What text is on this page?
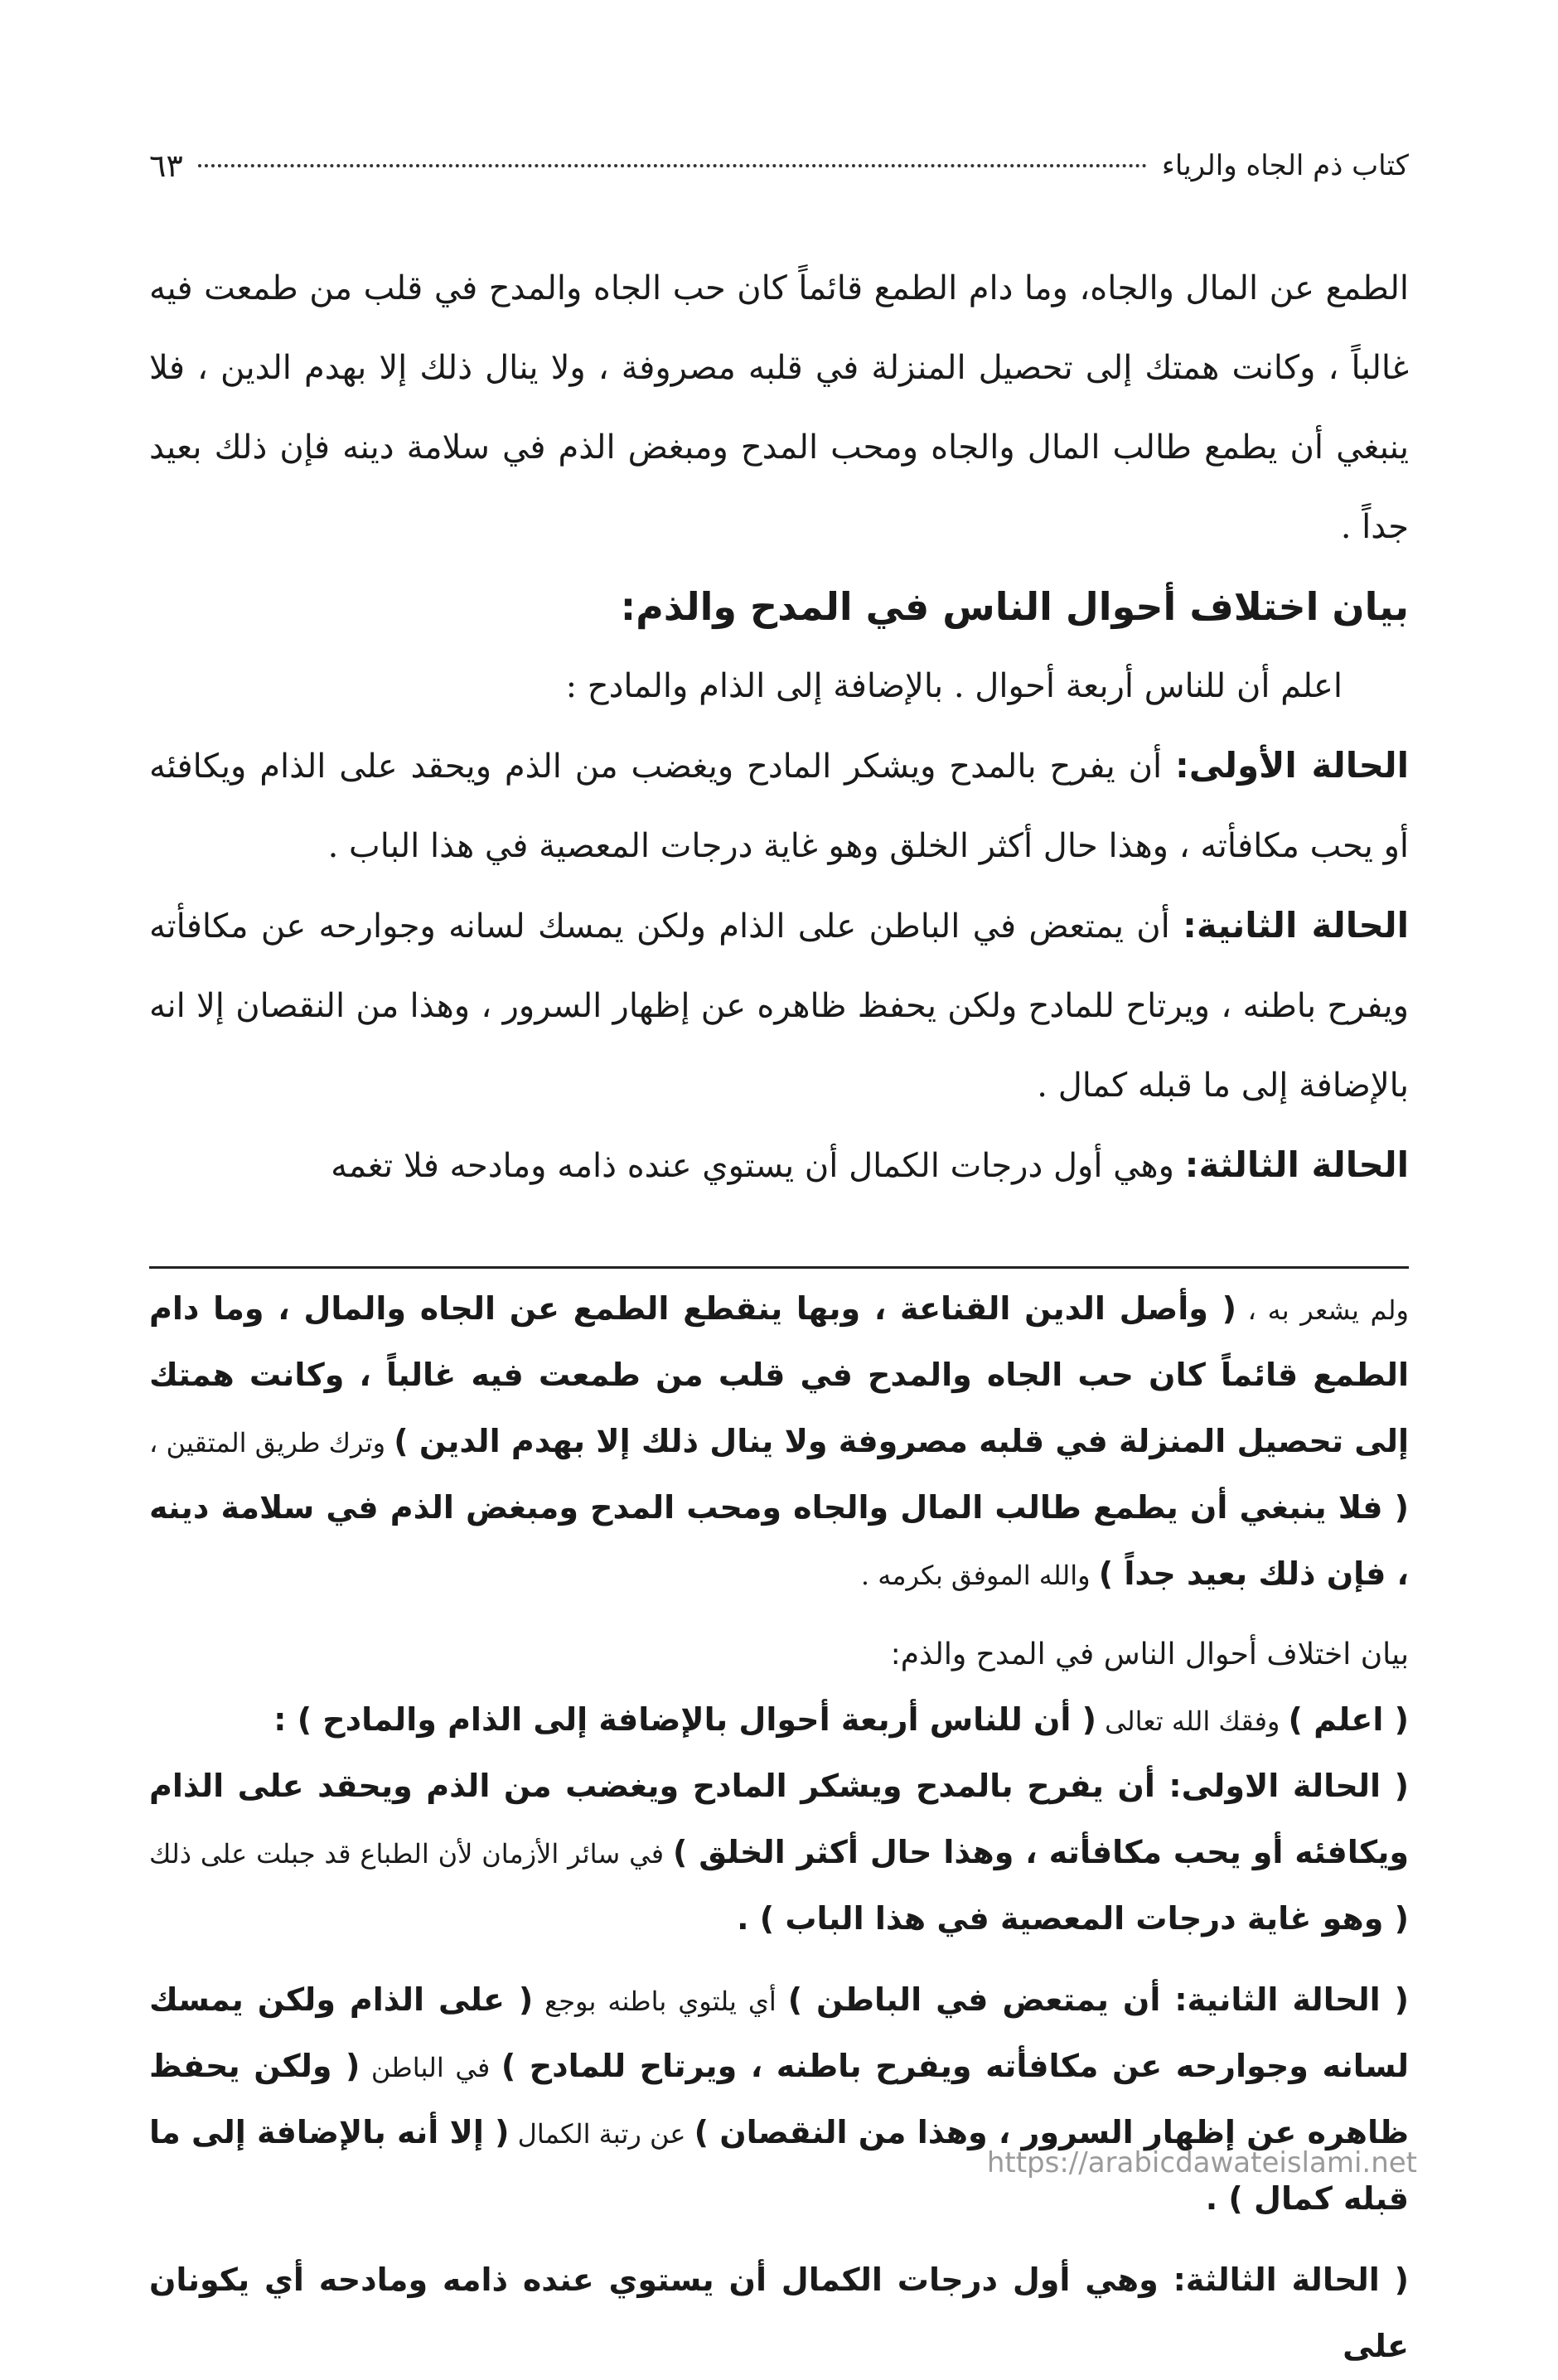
كتاب ذم الجاه والرياء
٦٣

الطمع عن المال والجاه، وما دام الطمع قائماً كان حب الجاه والمدح في قلب من طمعت فيه غالباً ، وكانت همتك إلى تحصيل المنزلة في قلبه مصروفة ، ولا ينال ذلك إلا بهدم الدين ، فلا ينبغي أن يطمع طالب المال والجاه ومحب المدح ومبغض الذم في سلامة دينه فإن ذلك بعيد جداً .

بيان اختلاف أحوال الناس في المدح والذم:

اعلم أن للناس أربعة أحوال . بالإضافة إلى الذام والمادح :

الحالة الأولى: أن يفرح بالمدح ويشكر المادح ويغضب من الذم ويحقد على الذام ويكافئه أو يحب مكافأته ، وهذا حال أكثر الخلق وهو غاية درجات المعصية في هذا الباب .

الحالة الثانية: أن يمتعض في الباطن على الذام ولكن يمسك لسانه وجوارحه عن مكافأته ويفرح باطنه ، ويرتاح للمادح ولكن يحفظ ظاهره عن إظهار السرور ، وهذا من النقصان إلا انه بالإضافة إلى ما قبله كمال .

الحالة الثالثة: وهي أول درجات الكمال أن يستوي عنده ذامه ومادحه فلا تغمه

ولم يشعر به ، ( وأصل الدين القناعة ، وبها ينقطع الطمع عن الجاه والمال ، وما دام الطمع قائماً كان حب الجاه والمدح في قلب من طمعت فيه غالباً ، وكانت همتك إلى تحصيل المنزلة في قلبه مصروفة ولا ينال ذلك إلا بهدم الدين ) وترك طريق المتقين ، ( فلا ينبغي أن يطمع طالب المال والجاه ومحب المدح ومبغض الذم في سلامة دينه ، فإن ذلك بعيد جداً ) والله الموفق بكرمه .

بيان اختلاف أحوال الناس في المدح والذم:

( اعلم ) وفقك الله تعالى ( أن للناس أربعة أحوال بالإضافة إلى الذام والمادح ) :

( الحالة الاولى: أن يفرح بالمدح ويشكر المادح ويغضب من الذم ويحقد على الذام ويكافئه أو يحب مكافأته ، وهذا حال أكثر الخلق ) في سائر الأزمان لأن الطباع قد جبلت على ذلك ( وهو غاية درجات المعصية في هذا الباب ) .

( الحالة الثانية: أن يمتعض في الباطن ) أي يلتوي باطنه بوجع ( على الذام ولكن يمسك لسانه وجوارحه عن مكافأته ويفرح باطنه ، ويرتاح للمادح ) في الباطن ( ولكن يحفظ ظاهره عن إظهار السرور ، وهذا من النقصان ) عن رتبة الكمال ( إلا أنه بالإضافة إلى ما قبله كمال ) .

( الحالة الثالثة: وهي أول درجات الكمال أن يستوي عنده ذامه ومادحه أي يكونان على

https://arabicdawateislami.net
